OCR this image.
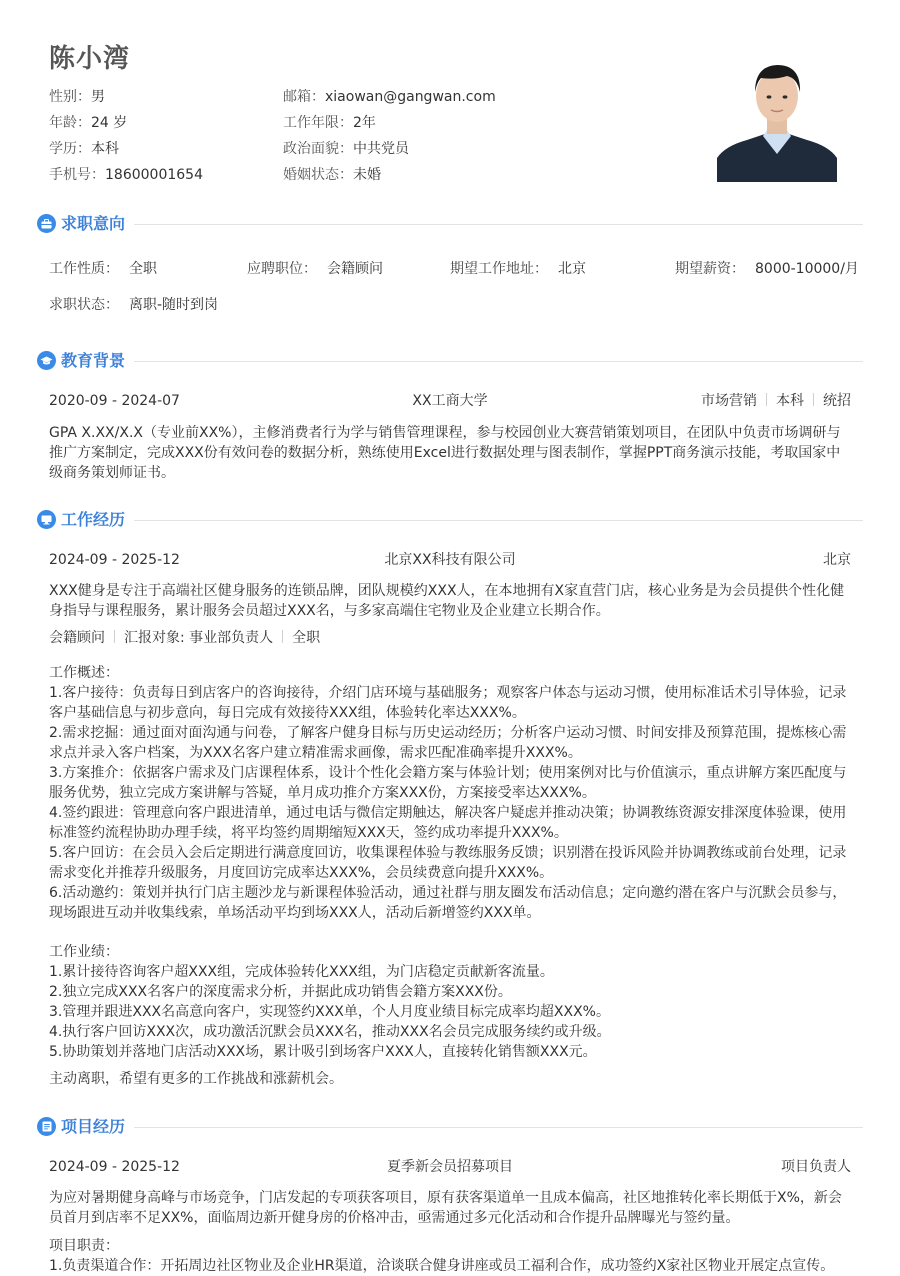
陈小湾
性别：男
年龄：24 岁
学历：本科
手机号：18600001654
邮箱：xiaowan@gangwan.com
工作年限：2年
政治面貌：中共党员
婚姻状态：未婚
求职意向
工作性质： 全职	应聘职位： 会籍顾问	期望工作地址： 北京	期望薪资： 8000-10000/月
求职状态： 离职-随时到岗
教育背景
2020-09 - 2024-07	XX工商大学	市场营销 本科 统招
GPA X.XX/X.X（专业前XX%），主修消费者行为学与销售管理课程，参与校园创业大赛营销策划项目，在团队中负责市场调研与推广方案制定，完成XXX份有效问卷的数据分析，熟练使用Excel进行数据处理与图表制作，掌握PPT商务演示技能，考取国家中级商务策划师证书。
工作经历
2024-09 - 2025-12	北京XX科技有限公司	北京
XXX健身是专注于高端社区健身服务的连锁品牌，团队规模约XXX人，在本地拥有X家直营门店，核心业务是为会员提供个性化健身指导与课程服务，累计服务会员超过XXX名，与多家高端住宅物业及企业建立长期合作。
会籍顾问 汇报对象: 事业部负责人 全职
工作概述：
1.客户接待：负责每日到店客户的咨询接待，介绍门店环境与基础服务；观察客户体态与运动习惯，使用标准话术引导体验，记录客户基础信息与初步意向，每日完成有效接待XXX组，体验转化率达XXX%。
2.需求挖掘：通过面对面沟通与问卷，了解客户健身目标与历史运动经历；分析客户运动习惯、时间安排及预算范围，提炼核心需求点并录入客户档案，为XXX名客户建立精准需求画像，需求匹配准确率提升XXX%。
3.方案推介：依据客户需求及门店课程体系，设计个性化会籍方案与体验计划；使用案例对比与价值演示，重点讲解方案匹配度与服务优势，独立完成方案讲解与答疑，单月成功推介方案XXX份，方案接受率达XXX%。
4.签约跟进：管理意向客户跟进清单，通过电话与微信定期触达，解决客户疑虑并推动决策；协调教练资源安排深度体验课，使用标准签约流程协助办理手续，将平均签约周期缩短XXX天，签约成功率提升XXX%。
5.客户回访：在会员入会后定期进行满意度回访，收集课程体验与教练服务反馈；识别潜在投诉风险并协调教练或前台处理，记录需求变化并推荐升级服务，月度回访完成率达XXX%，会员续费意向提升XXX%。
6.活动邀约：策划并执行门店主题沙龙与新课程体验活动，通过社群与朋友圈发布活动信息；定向邀约潜在客户与沉默会员参与，现场跟进互动并收集线索，单场活动平均到场XXX人，活动后新增签约XXX单。
工作业绩：
1.累计接待咨询客户超XXX组，完成体验转化XXX组，为门店稳定贡献新客流量。
2.独立完成XXX名客户的深度需求分析，并据此成功销售会籍方案XXX份。
3.管理并跟进XXX名高意向客户，实现签约XXX单，个人月度业绩目标完成率均超XXX%。
4.执行客户回访XXX次，成功激活沉默会员XXX名，推动XXX名会员完成服务续约或升级。
5.协助策划并落地门店活动XXX场，累计吸引到场客户XXX人，直接转化销售额XXX元。
主动离职，希望有更多的工作挑战和涨薪机会。
项目经历
2024-09 - 2025-12	夏季新会员招募项目	项目负责人
为应对暑期健身高峰与市场竞争，门店发起的专项获客项目，原有获客渠道单一且成本偏高，社区地推转化率长期低于X%，新会员首月到店率不足XX%，面临周边新开健身房的价格冲击，亟需通过多元化活动和合作提升品牌曝光与签约量。
项目职责：
1.负责渠道合作：开拓周边社区物业及企业HR渠道，洽谈联合健身讲座或员工福利合作，成功签约X家社区物业开展定点宣传。
